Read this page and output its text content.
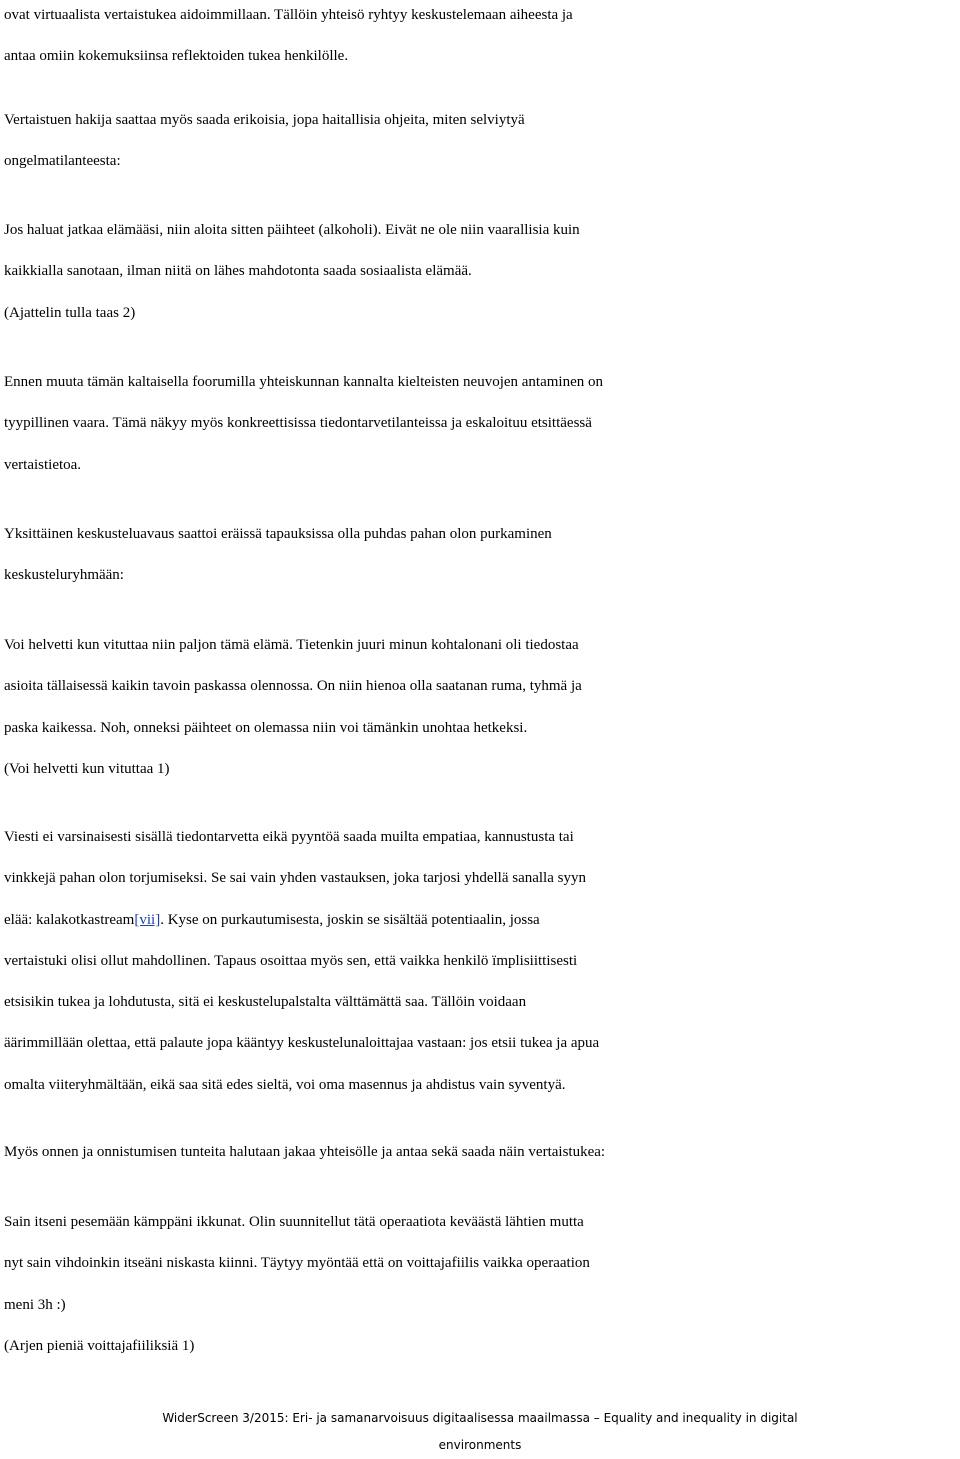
ovat virtuaalista vertaistukea aidoimmillaan. Tällöin yhteisö ryhtyy keskustelemaan aiheesta ja
antaa omiin kokemuksiinsa reflektoiden tukea henkilölle.

Vertaistuen hakija saattaa myös saada erikoisia, jopa haitallisia ohjeita, miten selviytyä
ongelmatilanteesta:

Jos haluat jatkaa elämääsi, niin aloita sitten päihteet (alkoholi). Eivät ne ole niin vaarallisia kuin
kaikkialla sanotaan, ilman niitä on lähes mahdotonta saada sosiaalista elämää.
(Ajattelin tulla taas 2)

Ennen muuta tämän kaltaisella foorumilla yhteiskunnan kannalta kielteisten neuvojen antaminen on
tyypillinen vaara. Tämä näkyy myös konkreettisissa tiedontarvetilanteissa ja eskaloituu etsittäessä
vertaistietoa.

Yksittäinen keskusteluavaus saattoi eräissä tapauksissa olla puhdas pahan olon purkaminen
keskusteluryhmään:

Voi helvetti kun vituttaa niin paljon tämä elämä. Tietenkin juuri minun kohtalonani oli tiedostaa
asioita tällaisessä kaikin tavoin paskassa olennossa. On niin hienoa olla saatanan ruma, tyhmä ja
paska kaikessa. Noh, onneksi päihteet on olemassa niin voi tämänkin unohtaa hetkeksi.
(Voi helvetti kun vituttaa 1)

Viesti ei varsinaisesti sisällä tiedontarvetta eikä pyyntöä saada muilta empatiaa, kannustusta tai
vinkkejä pahan olon torjumiseksi. Se sai vain yhden vastauksen, joka tarjosi yhdellä sanalla syyn
elää: kalakotkastream[vii]. Kyse on purkautumisesta, joskin se sisältää potentiaalin, jossa
vertaistuki olisi ollut mahdollinen. Tapaus osoittaa myös sen, että vaikka henkilö ïmplisiittisesti
etsisikin tukea ja lohdutusta, sitä ei keskustelupalstalta välttämättä saa. Tällöin voidaan
äärimmillään olettaa, että palaute jopa kääntyy keskustelunaloittajaa vastaan: jos etsii tukea ja apua
omalta viiteryhmältään, eikä saa sitä edes sieltä, voi oma masennus ja ahdistus vain syventyä.

Myös onnen ja onnistumisen tunteita halutaan jakaa yhteisölle ja antaa sekä saada näin vertaistukea:

Sain itseni pesemään kämppäni ikkunat. Olin suunnitellut tätä operaatiota keväästä lähtien mutta
nyt sain vihdoinkin itseäni niskasta kiinni. Täytyy myöntää että on voittajafiilis vaikka operaation
meni 3h :)
(Arjen pieniä voittajafiiliksiä 1)

WiderScreen 3/2015: Eri- ja samanarvoisuus digitaalisessa maailmassa – Equality and inequality in digital
environments
